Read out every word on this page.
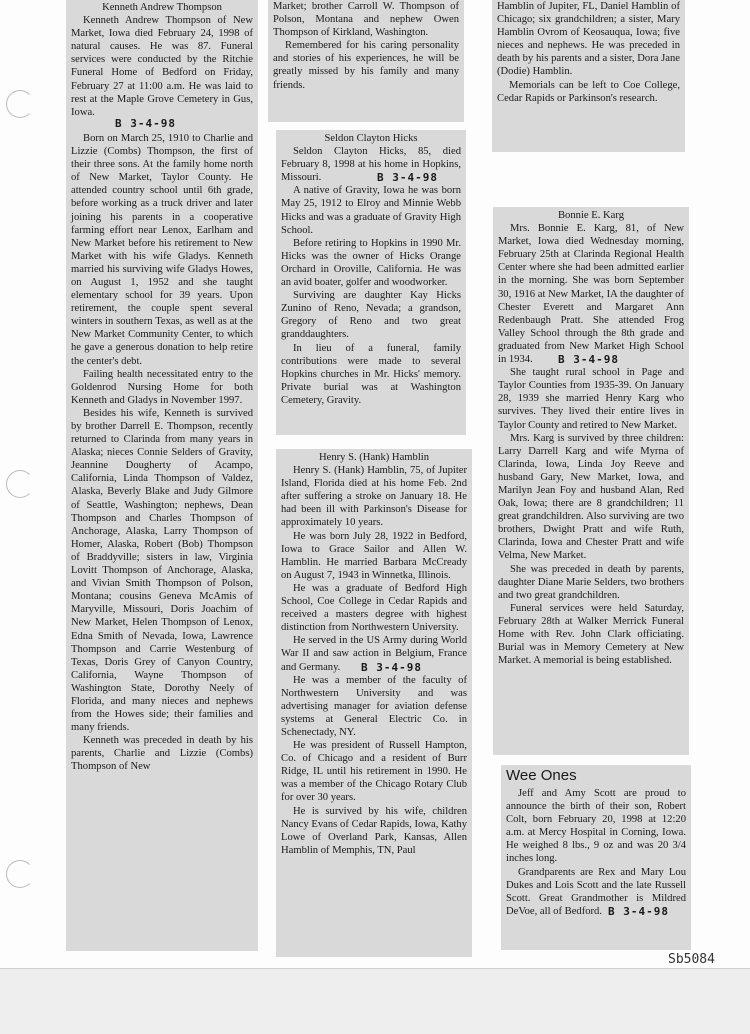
Kenneth Andrew Thompson

Kenneth Andrew Thompson of New Market, Iowa died February 24, 1998 of natural causes. He was 87. Funeral services were conducted by the Ritchie Funeral Home of Bedford on Friday, February 27 at 11:00 a.m. He was laid to rest at the Maple Grove Cemetery in Gus, Iowa.

B 3-4-98

Born on March 25, 1910 to Charlie and Lizzie (Combs) Thompson, the first of their three sons. At the family home north of New Market, Taylor County. He attended country school until 6th grade, before working as a truck driver and later joining his parents in a cooperative farming effort near Lenox, Earlham and New Market before his retirement to New Market with his wife Gladys. Kenneth married his surviving wife Gladys Howes, on August 1, 1952 and she taught elementary school for 39 years. Upon retirement, the couple spent several winters in southern Texas, as well as at the New Market Community Center, to which he gave a generous donation to help retire the center's debt.

Failing health necessitated entry to the Goldenrod Nursing Home for both Kenneth and Gladys in November 1997.

Besides his wife, Kenneth is survived by brother Darrell E. Thompson, recently returned to Clarinda from many years in Alaska; nieces Connie Selders of Gravity, Jeannine Dougherty of Acampo, California, Linda Thompson of Valdez, Alaska, Beverly Blake and Judy Gilmore of Seattle, Washington; nephews, Dean Thompson and Charles Thompson of Anchorage, Alaska, Larry Thompson of Homer, Alaska, Robert (Bob) Thompson of Braddyville; sisters in law, Virginia Lovitt Thompson of Anchorage, Alaska, and Vivian Smith Thompson of Polson, Montana; cousins Geneva McAmis of Maryville, Missouri, Doris Joachim of New Market, Helen Thompson of Lenox, Edna Smith of Nevada, Iowa, Lawrence Thompson and Carrie Westenburg of Texas, Doris Grey of Canyon Country, California, Wayne Thompson of Washington State, Dorothy Neely of Florida, and many nieces and nephews from the Howes side; their families and many friends.

Kenneth was preceded in death by his parents, Charlie and Lizzie (Combs) Thompson of New

Market; brother Carroll W. Thompson of Polson, Montana and nephew Owen Thompson of Kirkland, Washington.

Remembered for his caring personality and stories of his experiences, he will be greatly missed by his family and many friends.

Seldon Clayton Hicks

Seldon Clayton Hicks, 85, died February 8, 1998 at his home in Hopkins, Missouri.	B 3-4-98

A native of Gravity, Iowa he was born May 25, 1912 to Elroy and Minnie Webb Hicks and was a graduate of Gravity High School.

Before retiring to Hopkins in 1990 Mr. Hicks was the owner of Hicks Orange Orchard in Oroville, California. He was an avid boater, golfer and woodworker.

Surviving are daughter Kay Hicks Zunino of Reno, Nevada; a grandson, Gregory of Reno and two great granddaughters.

In lieu of a funeral, family contributions were made to several Hopkins churches in Mr. Hicks' memory. Private burial was at Washington Cemetery, Gravity.

Henry S. (Hank) Hamblin

Henry S. (Hank) Hamblin, 75, of Jupiter Island, Florida died at his home Feb. 2nd after suffering a stroke on January 18. He had been ill with Parkinson's Disease for approximately 10 years.

He was born July 28, 1922 in Bedford, Iowa to Grace Sailor and Allen W. Hamblin. He married Barbara McCready on August 7, 1943 in Winnetka, Illinois.

He was a graduate of Bedford High School, Coe College in Cedar Rapids and received a masters degree with highest distinction from Northwestern University.

He served in the US Army during World War II and saw action in Belgium, France and Germany.	B 3-4-98

He was a member of the faculty of Northwestern University and was advertising manager for aviation defense systems at General Electric Co. in Schenectady, NY.

He was president of Russell Hampton, Co. of Chicago and a resident of Burr Ridge, IL until his retirement in 1990. He was a member of the Chicago Rotary Club for over 30 years.

He is survived by his wife, children Nancy Evans of Cedar Rapids, Iowa, Kathy Lowe of Overland Park, Kansas, Allen Hamblin of Memphis, TN, Paul

Hamblin of Jupiter, FL, Daniel Hamblin of Chicago; six grandchildren; a sister, Mary Hamblin Ovrom of Keosauqua, Iowa; five nieces and nephews. He was preceded in death by his parents and a sister, Dora Jane (Dodie) Hamblin.

Memorials can be left to Coe College, Cedar Rapids or Parkinson's research.

Bonnie E. Karg

Mrs. Bonnie E. Karg, 81, of New Market, Iowa died Wednesday morning, February 25th at Clarinda Regional Health Center where she had been admitted earlier in the morning. She was born September 30, 1916 at New Market, IA the daughter of Chester Everett and Margaret Ann Redenbaugh Pratt. She attended Frog Valley School through the 8th grade and graduated from New Market High School in 1934.	B 3-4-98

She taught rural school in Page and Taylor Counties from 1935-39. On January 28, 1939 she married Henry Karg who survives. They lived their entire lives in Taylor County and retired to New Market.

Mrs. Karg is survived by three children: Larry Darrell Karg and wife Myrna of Clarinda, Iowa, Linda Joy Reeve and husband Gary, New Market, Iowa, and Marilyn Jean Foy and husband Alan, Red Oak, Iowa; there are 8 grandchildren; 11 great grandchildren. Also surviving are two brothers, Dwight Pratt and wife Ruth, Clarinda, Iowa and Chester Pratt and wife Velma, New Market.

She was preceded in death by parents, daughter Diane Marie Selders, two brothers and two great grandchildren.

Funeral services were held Saturday, February 28th at Walker Merrick Funeral Home with Rev. John Clark officiating. Burial was in Memory Cemetery at New Market. A memorial is being established.

Wee Ones

Jeff and Amy Scott are proud to announce the birth of their son, Robert Colt, born February 20, 1998 at 12:20 a.m. at Mercy Hospital in Corning, Iowa. He weighed 8 lbs., 9 oz and was 20 3/4 inches long.

Grandparents are Rex and Mary Lou Dukes and Lois Scott and the late Russell Scott. Great Grandmother is Mildred DeVoe, all of Bedford. B 3-4-98
Sb5084
